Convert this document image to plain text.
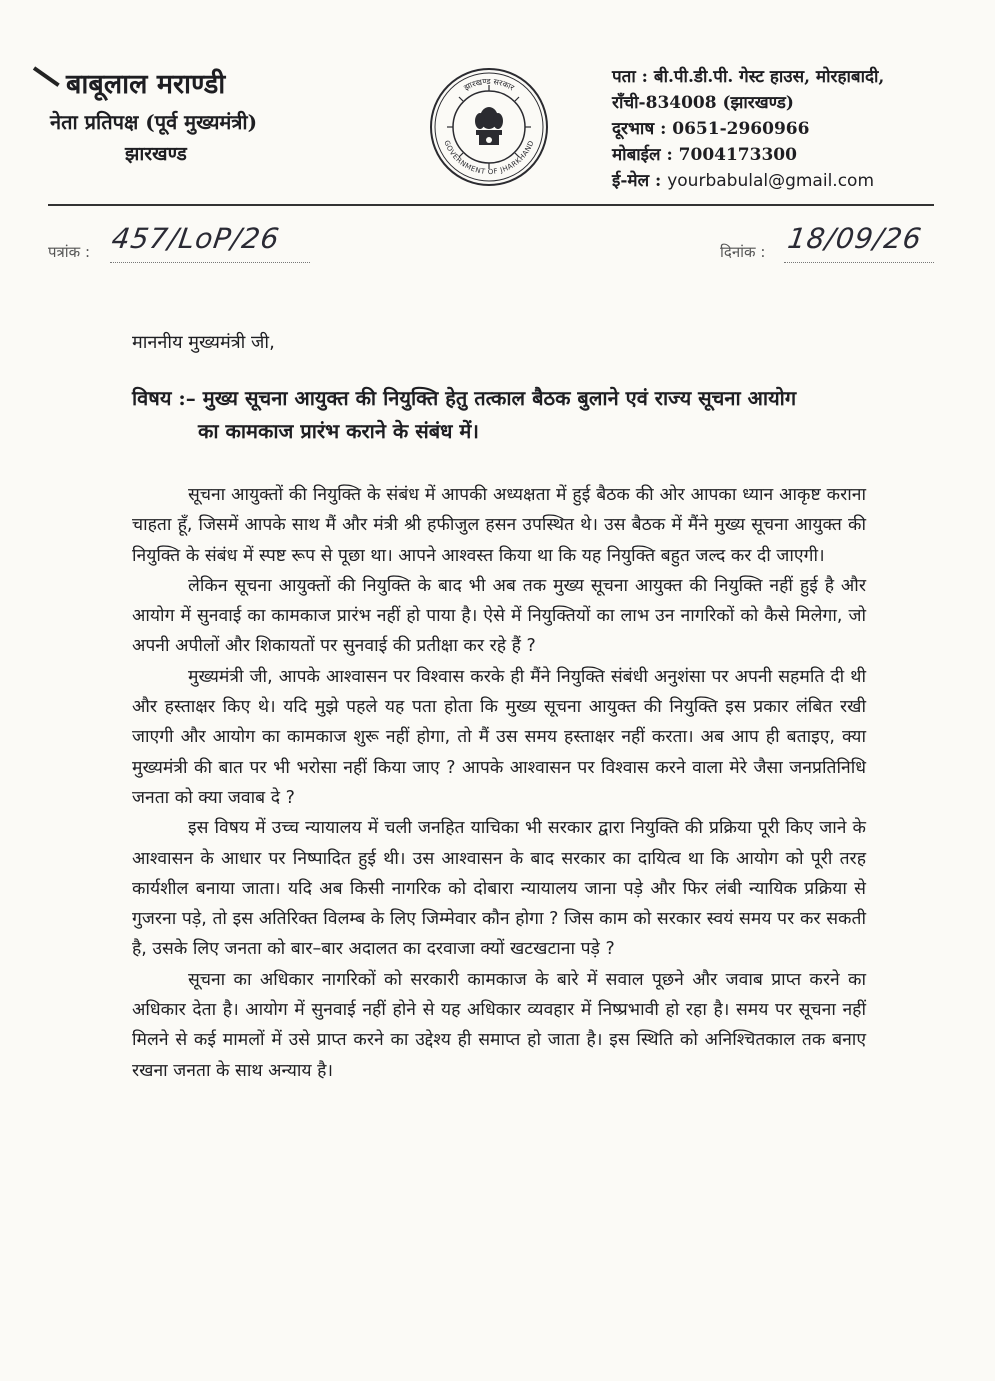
बाबूलाल मराण्डी
नेता प्रतिपक्ष (पूर्व मुख्यमंत्री)
झारखण्ड
झारखण्ड सरकार
GOVERNMENT OF JHARKHAND
पता : बी.पी.डी.पी. गेस्ट हाउस, मोरहाबादी,
राँची-834008 (झारखण्ड)
दूरभाष : 0651-2960966
मोबाईल : 7004173300
ई-मेल : yourbabulal@gmail.com
पत्रांक : 457/LoP/26	दिनांक : 18/09/26
माननीय मुख्यमंत्री जी,
विषय :– मुख्य सूचना आयुक्त की नियुक्ति हेतु तत्काल बैठक बुलाने एवं राज्य सूचना आयोग
का कामकाज प्रारंभ कराने के संबंध में।

सूचना आयुक्तों की नियुक्ति के संबंध में आपकी अध्यक्षता में हुई बैठक की ओर आपका ध्यान आकृष्ट कराना चाहता हूँ, जिसमें आपके साथ मैं और मंत्री श्री हफीजुल हसन उपस्थित थे। उस बैठक में मैंने मुख्य सूचना आयुक्त की नियुक्ति के संबंध में स्पष्ट रूप से पूछा था। आपने आश्वस्त किया था कि यह नियुक्ति बहुत जल्द कर दी जाएगी।

लेकिन सूचना आयुक्तों की नियुक्ति के बाद भी अब तक मुख्य सूचना आयुक्त की नियुक्ति नहीं हुई है और आयोग में सुनवाई का कामकाज प्रारंभ नहीं हो पाया है। ऐसे में नियुक्तियों का लाभ उन नागरिकों को कैसे मिलेगा, जो अपनी अपीलों और शिकायतों पर सुनवाई की प्रतीक्षा कर रहे हैं ?

मुख्यमंत्री जी, आपके आश्वासन पर विश्वास करके ही मैंने नियुक्ति संबंधी अनुशंसा पर अपनी सहमति दी थी और हस्ताक्षर किए थे। यदि मुझे पहले यह पता होता कि मुख्य सूचना आयुक्त की नियुक्ति इस प्रकार लंबित रखी जाएगी और आयोग का कामकाज शुरू नहीं होगा, तो मैं उस समय हस्ताक्षर नहीं करता। अब आप ही बताइए, क्या मुख्यमंत्री की बात पर भी भरोसा नहीं किया जाए ? आपके आश्वासन पर विश्वास करने वाला मेरे जैसा जनप्रतिनिधि जनता को क्या जवाब दे ?

इस विषय में उच्च न्यायालय में चली जनहित याचिका भी सरकार द्वारा नियुक्ति की प्रक्रिया पूरी किए जाने के आश्वासन के आधार पर निष्पादित हुई थी। उस आश्वासन के बाद सरकार का दायित्व था कि आयोग को पूरी तरह कार्यशील बनाया जाता। यदि अब किसी नागरिक को दोबारा न्यायालय जाना पड़े और फिर लंबी न्यायिक प्रक्रिया से गुजरना पड़े, तो इस अतिरिक्त विलम्ब के लिए जिम्मेवार कौन होगा ? जिस काम को सरकार स्वयं समय पर कर सकती है, उसके लिए जनता को बार–बार अदालत का दरवाजा क्यों खटखटाना पड़े ?

सूचना का अधिकार नागरिकों को सरकारी कामकाज के बारे में सवाल पूछने और जवाब प्राप्त करने का अधिकार देता है। आयोग में सुनवाई नहीं होने से यह अधिकार व्यवहार में निष्प्रभावी हो रहा है। समय पर सूचना नहीं मिलने से कई मामलों में उसे प्राप्त करने का उद्देश्य ही समाप्त हो जाता है। इस स्थिति को अनिश्चितकाल तक बनाए रखना जनता के साथ अन्याय है।
